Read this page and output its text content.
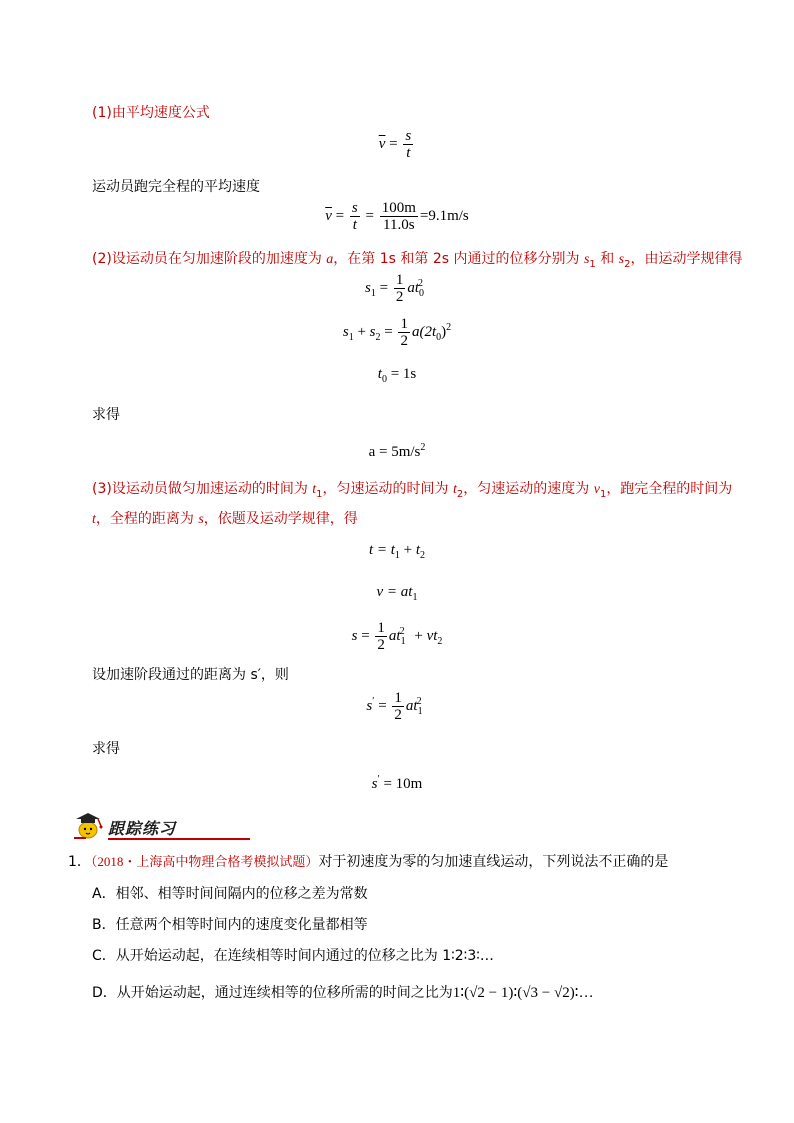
(1)由平均速度公式
$\overline{v} = \frac{s}{t}$
运动员跑完全程的平均速度
$\overline{v} = \frac{s}{t} = \frac{100m}{11.0s} =9.1m/s$
(2)设运动员在匀加速阶段的加速度为 a，在第 1s 和第 2s 内通过的位移分别为 $s_1$ 和 $s_2$，由运动学规律得
$s_1 = \frac{1}{2} at_0^2$
$s_1 + s_2 = \frac{1}{2} a(2t_0)^2$
$t_0 = 1s$
求得
$a = 5m/s^2$
(3)设运动员做匀加速运动的时间为 $t_1$，匀速运动的时间为 $t_2$，匀速运动的速度为 $v_1$，跑完全程的时间为
t，全程的距离为 s，依题及运动学规律，得
$t = t_1 + t_2$
$v = at_1$
$s = \frac{1}{2} at_1^2 + vt_2$
设加速阶段通过的距离为 s′，则
$s' = \frac{1}{2} at_1^2$
求得
s′ = 10m
跟踪练习
1．（2018・上海高中物理合格考模拟试题）对于初速度为零的匀加速直线运动，下列说法不正确的是
A．相邻、相等时间间隔内的位移之差为常数
B．任意两个相等时间内的速度变化量都相等
C．从开始运动起，在连续相等时间内通过的位移之比为 1∶2∶3∶…
D．从开始运动起，通过连续相等的位移所需的时间之比为1∶(√2 − 1)∶(√3 − √2)∶…
